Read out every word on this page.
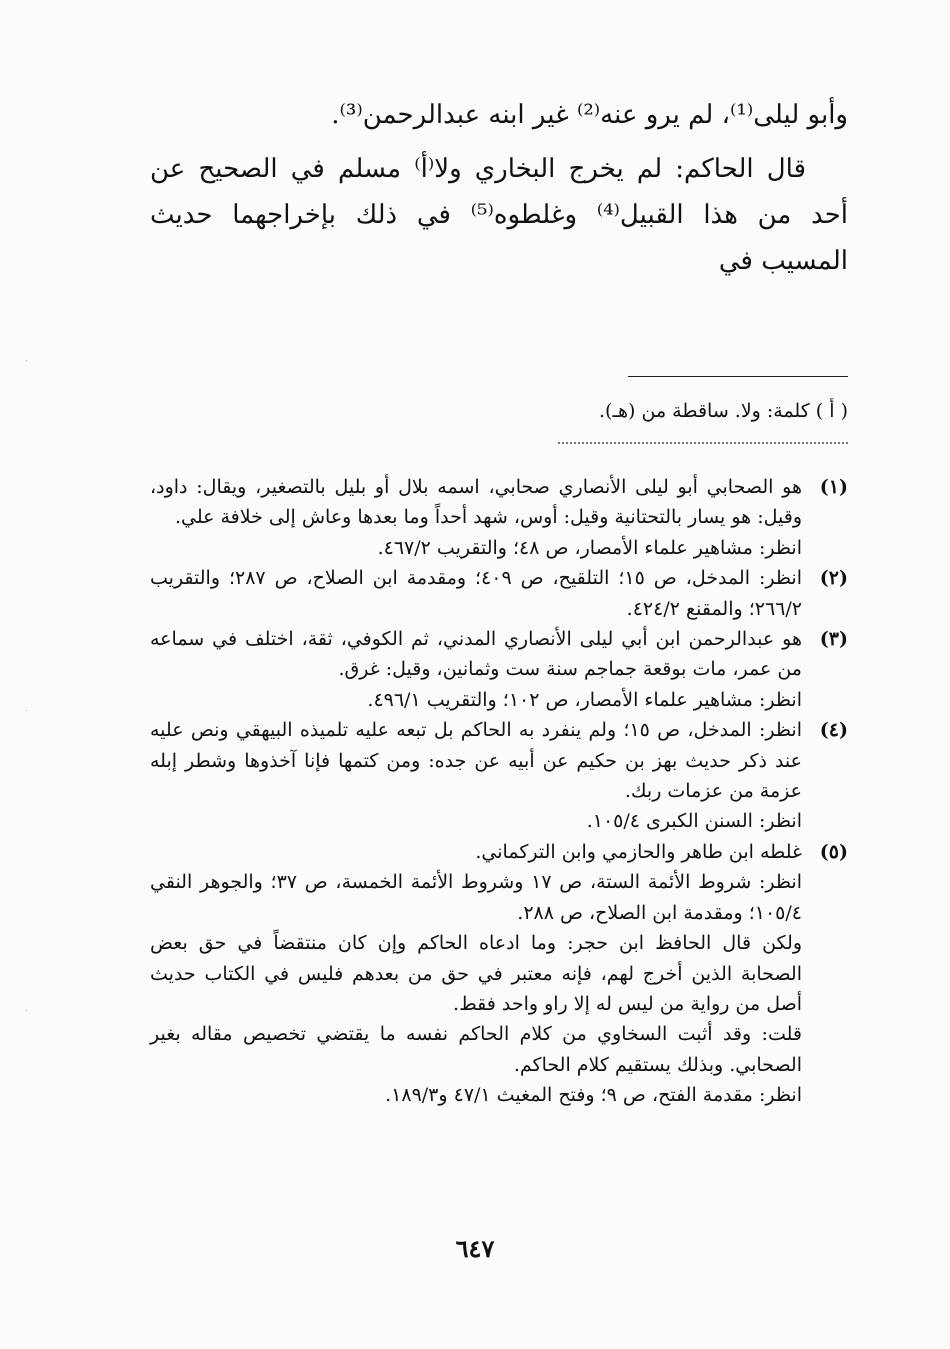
وأبو ليلى⁽¹⁾، لم يرو عنه⁽²⁾ غير ابنه عبدالرحمن⁽³⁾.

قال الحاكم: لم يخرج البخاري ولا⁽أ⁾ مسلم في الصحيح عن أحد من هذا القبيل⁽⁴⁾ وغلطوه⁽⁵⁾ في ذلك بإخراجهما حديث المسيب في

( أ ) كلمة: ولا. ساقطة من (هـ).
(١)
هو الصحابي أبو ليلى الأنصاري صحابي، اسمه بلال أو بليل بالتصغير، ويقال: داود، وقيل: هو يسار بالتحتانية وقيل: أوس، شهد أحداً وما بعدها وعاش إلى خلافة علي.
انظر: مشاهير علماء الأمصار، ص ٤٨؛ والتقريب ٤٦٧/٢.
(٢)
انظر: المدخل، ص ١٥؛ التلقيح، ص ٤٠٩؛ ومقدمة ابن الصلاح، ص ٢٨٧؛ والتقريب ٢٦٦/٢؛ والمقنع ٤٢٤/٢.
(٣)
هو عبدالرحمن ابن أبي ليلى الأنصاري المدني، ثم الكوفي، ثقة، اختلف في سماعه من عمر، مات بوقعة جماجم سنة ست وثمانين، وقيل: غرق.
انظر: مشاهير علماء الأمصار، ص ١٠٢؛ والتقريب ٤٩٦/١.
(٤)
انظر: المدخل، ص ١٥؛ ولم ينفرد به الحاكم بل تبعه عليه تلميذه البيهقي ونص عليه عند ذكر حديث بهز بن حكيم عن أبيه عن جده: ومن كتمها فإنا آخذوها وشطر إبله عزمة من عزمات ربك.
انظر: السنن الكبرى ١٠٥/٤.
(٥)
غلطه ابن طاهر والحازمي وابن التركماني.
انظر: شروط الأئمة الستة، ص ١٧ وشروط الأئمة الخمسة، ص ٣٧؛ والجوهر النقي ١٠٥/٤؛ ومقدمة ابن الصلاح، ص ٢٨٨.
ولكن قال الحافظ ابن حجر: وما ادعاه الحاكم وإن كان منتقضاً في حق بعض الصحابة الذين أخرج لهم، فإنه معتبر في حق من بعدهم فليس في الكتاب حديث أصل من رواية من ليس له إلا راو واحد فقط.
قلت: وقد أثبت السخاوي من كلام الحاكم نفسه ما يقتضي تخصيص مقاله بغير الصحابي. وبذلك يستقيم كلام الحاكم.
انظر: مقدمة الفتح، ص ٩؛ وفتح المغيث ٤٧/١ و١٨٩/٣.
٦٤٧
